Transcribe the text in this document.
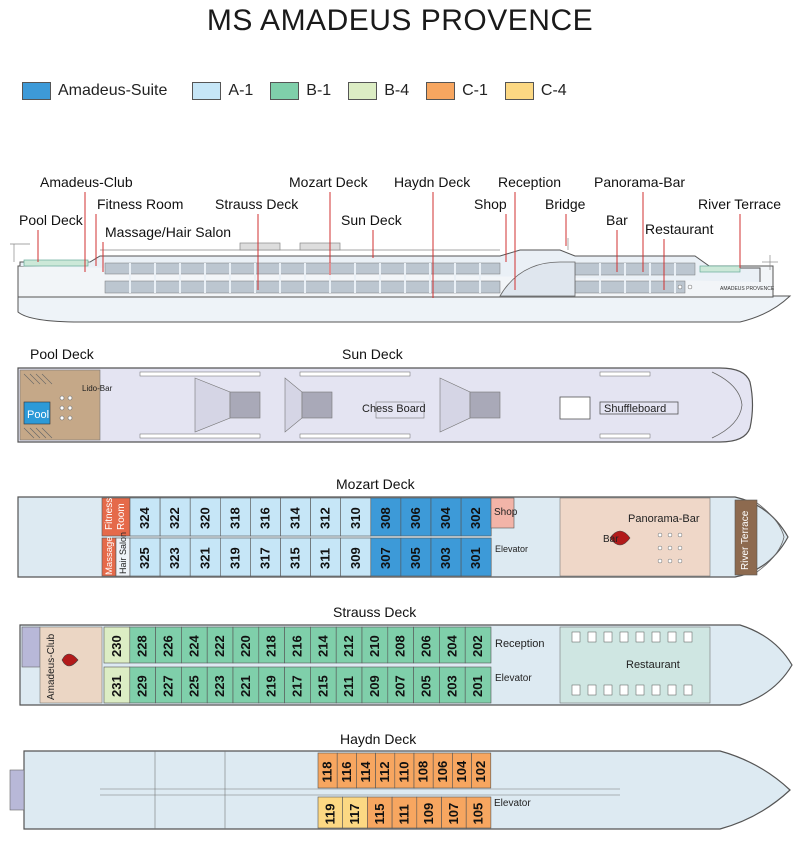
MS AMADEUS PROVENCE
Amadeus-Suite	A-1	B-1	B-4	C-1	C-4
Amadeus-Club
Fitness Room
Pool Deck
Massage/Hair Salon
Strauss Deck
Mozart Deck
Sun Deck
Haydn Deck Reception
Shop	Bridge
Panorama-Bar
Bar
Restaurant
River Terrace
Pool Deck	Sun Deck
Mozart Deck
Strauss Deck
Haydn Deck
AMADEUS PROVENCE
Pool
Lido-Bar
Chess Board	Shuffleboard
Fitness Room
Massage Hair Salon
324 322 320 318 316 314 312 310 308 306 304 302
325 323 321 319 317 315 311 309 307 305 303 301
Shop
Elevator
Panorama-Bar
Bar	River Terrace
Amadeus-Club	230 228 226 224 222 220 218 216 214 212 210 208 206 204 202
231 229 227 225 223 221 219 217 215 211 209 207 205 203 201
Reception
Elevator
Restaurant
118 116 114 112 110 108 106 104 102
119 117 115 111 109 107 105 Elevator
